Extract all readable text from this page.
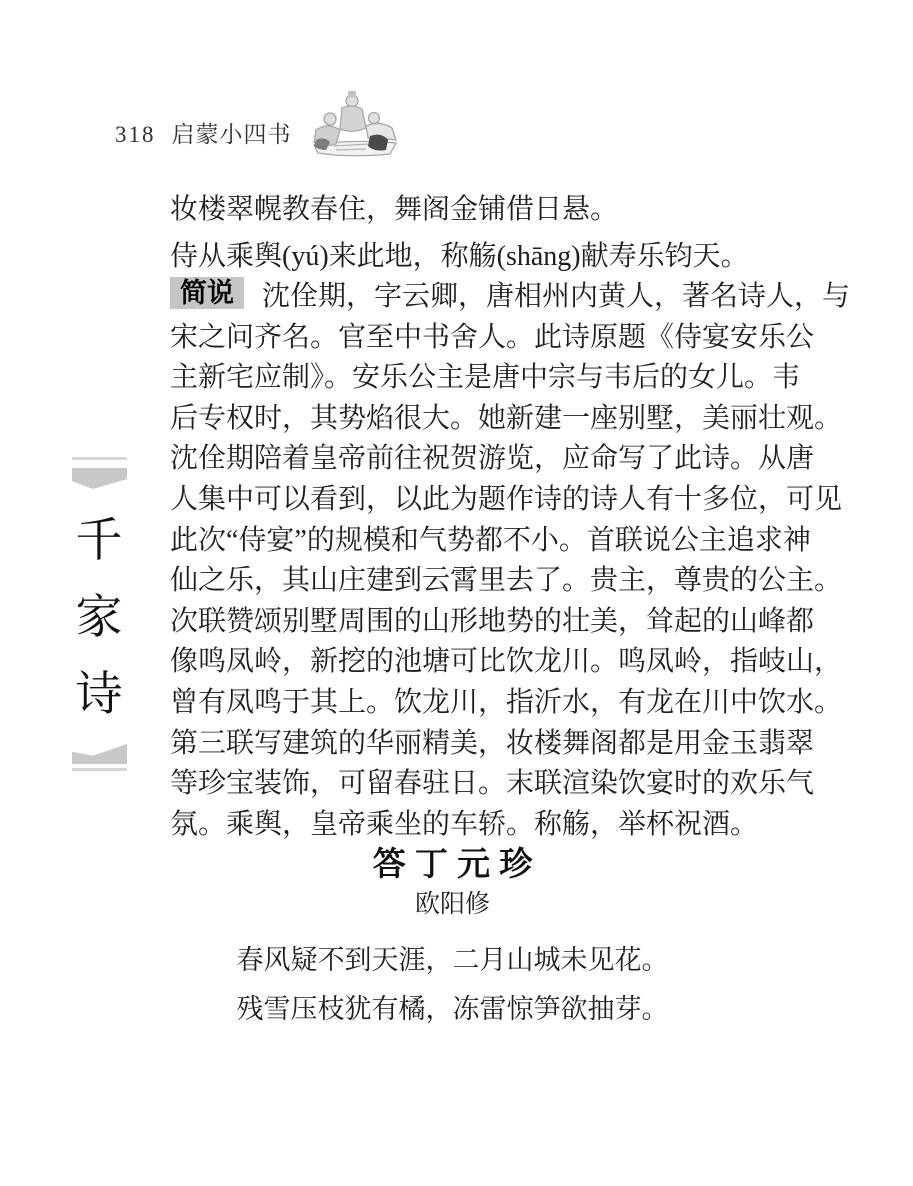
318 启蒙小四书
千
家
诗
妆楼翠幌教春住，舞阁金铺借日悬。
侍从乘舆(yú)来此地，称觞(shāng)献寿乐钧天。
简说 沈佺期，字云卿，唐相州内黄人，著名诗人，与
宋之问齐名。官至中书舍人。此诗原题《侍宴安乐公
主新宅应制》。安乐公主是唐中宗与韦后的女儿。韦
后专权时，其势焰很大。她新建一座别墅，美丽壮观。
沈佺期陪着皇帝前往祝贺游览，应命写了此诗。从唐
人集中可以看到，以此为题作诗的诗人有十多位，可见
此次“侍宴”的规模和气势都不小。首联说公主追求神
仙之乐，其山庄建到云霄里去了。贵主，尊贵的公主。
次联赞颂别墅周围的山形地势的壮美，耸起的山峰都
像鸣凤岭，新挖的池塘可比饮龙川。鸣凤岭，指岐山，
曾有凤鸣于其上。饮龙川，指沂水，有龙在川中饮水。
第三联写建筑的华丽精美，妆楼舞阁都是用金玉翡翠
等珍宝装饰，可留春驻日。末联渲染饮宴时的欢乐气
氛。乘舆，皇帝乘坐的车轿。称觞，举杯祝酒。
答 丁 元 珍
欧阳修
春风疑不到天涯，二月山城未见花。
残雪压枝犹有橘，冻雷惊笋欲抽芽。
